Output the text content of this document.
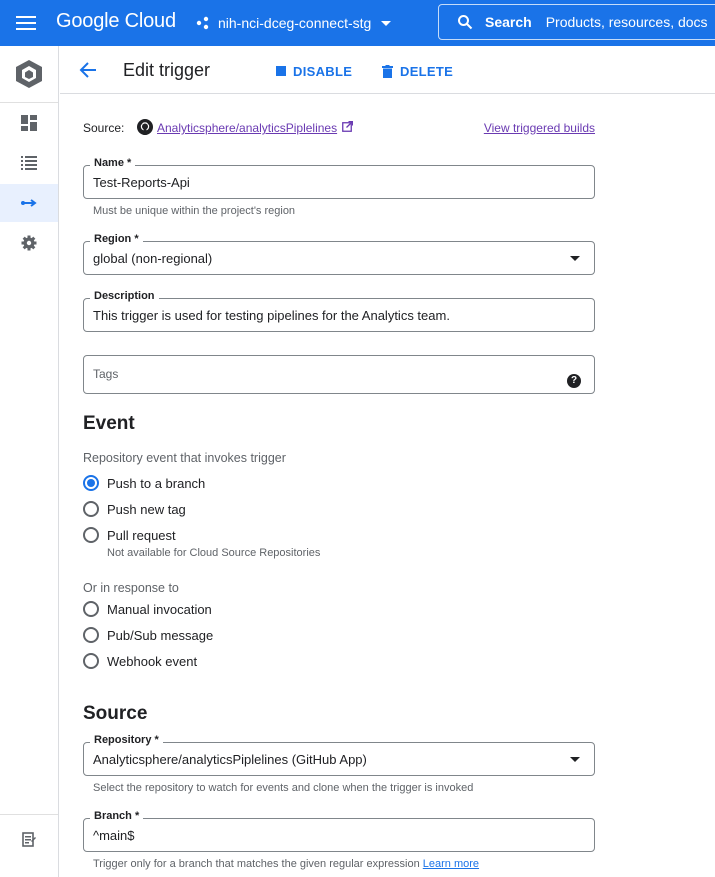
Google Cloud	nih-nci-dceg-connect-stg	Search Products, resources, docs
Edit trigger	DISABLE	DELETE
Source:	Analyticsphere/analyticsPiplelines	View triggered builds
Name *
Test-Reports-Api
Must be unique within the project's region
Region *
global (non-regional)
Description
This trigger is used for testing pipelines for the Analytics team.
Tags	?
Event
Repository event that invokes trigger
Push to a branch
Push new tag
Pull request
Not available for Cloud Source Repositories
Or in response to
Manual invocation
Pub/Sub message
Webhook event
Source
Repository *
Analyticsphere/analyticsPiplelines (GitHub App)
Select the repository to watch for events and clone when the trigger is invoked
Branch *
^main$
Trigger only for a branch that matches the given regular expression Learn more
